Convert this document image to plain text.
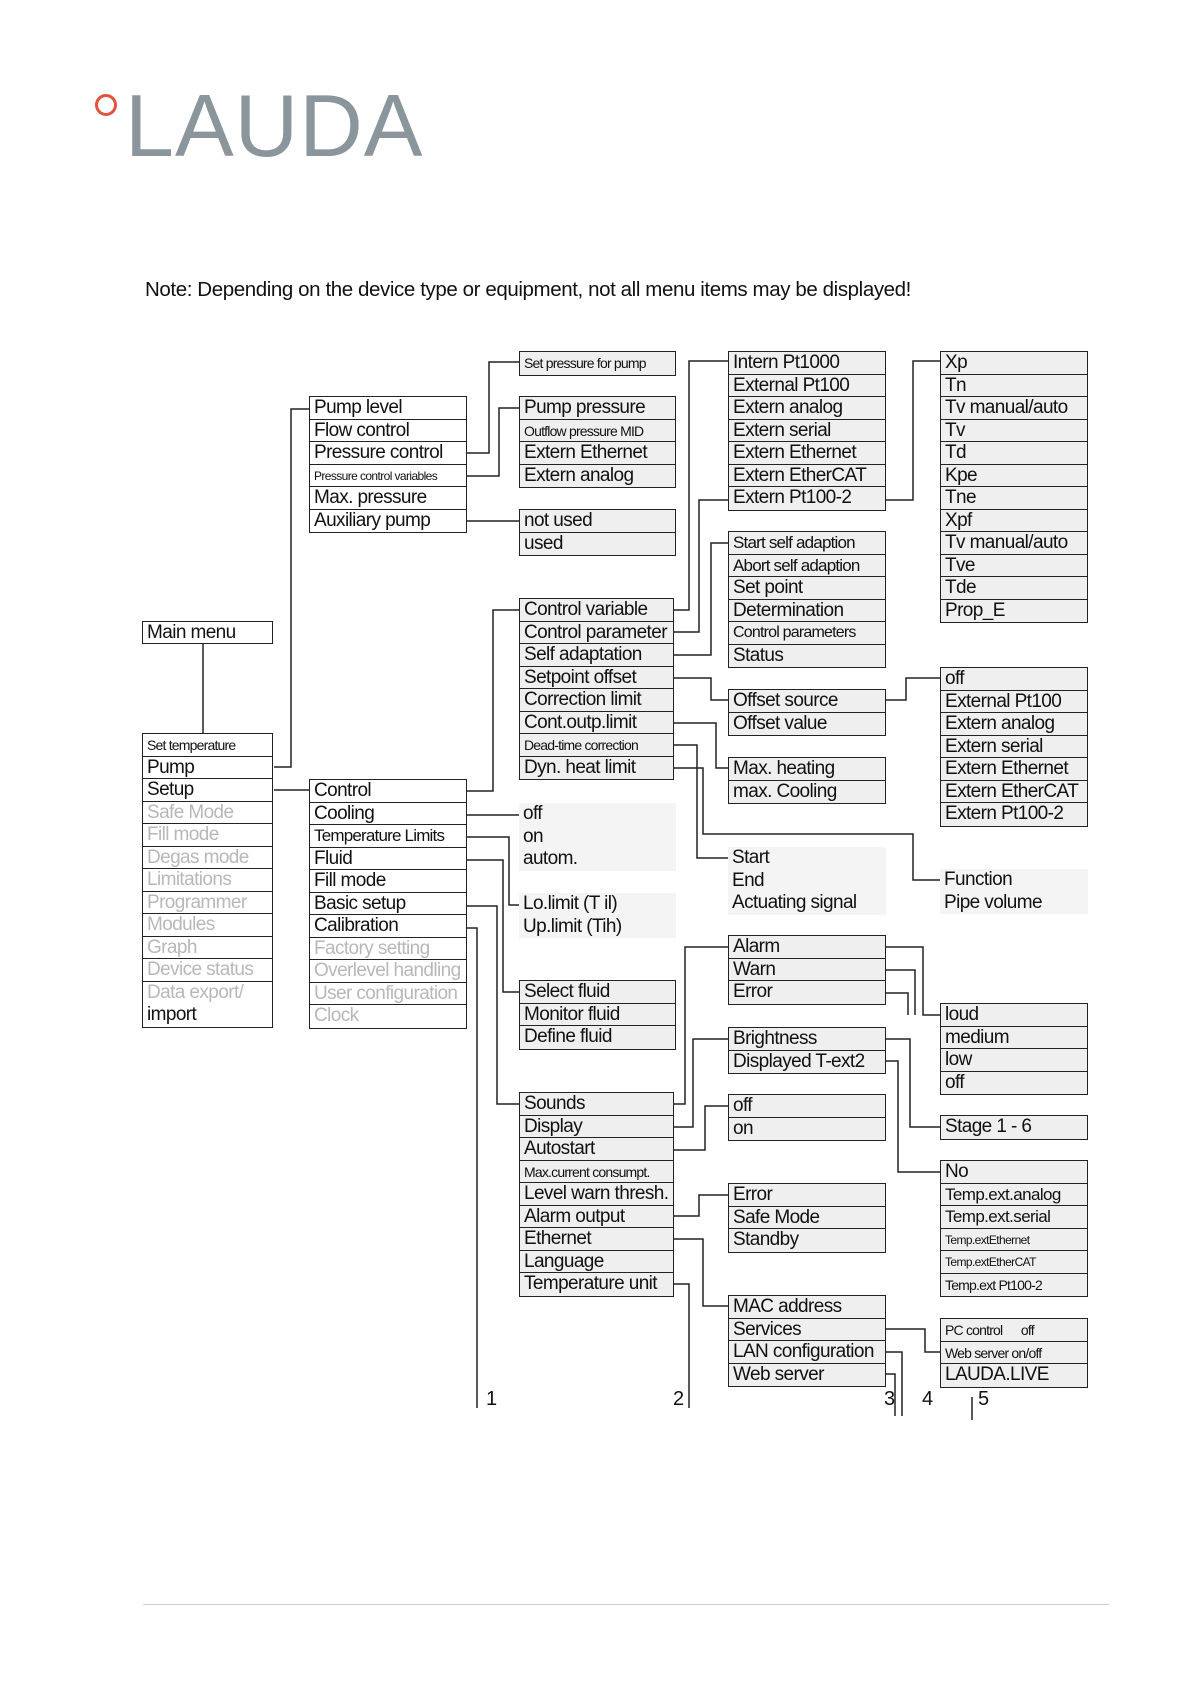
LAUDA
Note: Depending on the device type or equipment, not all menu items may be displayed!
Main menu
Set temperature
Pump
Setup
Safe Mode
Fill mode
Degas mode
Limitations
Programmer
Modules
Graph
Device status
Data export/
import
Pump level
Flow control
Pressure control
Pressure control variables
Max. pressure
Auxiliary pump
Set pressure for pump
Pump pressure
Outflow pressure MID
Extern Ethernet
Extern analog
not used
used
Control
Cooling
Temperature Limits
Fluid
Fill mode
Basic setup
Calibration
Factory setting
Overlevel handling
User configuration
Clock
Control variable
Control parameter
Self adaptation
Setpoint offset
Correction limit
Cont.outp.limit
Dead-time correction
Dyn. heat limit
Intern Pt1000
External Pt100
Extern analog
Extern serial
Extern Ethernet
Extern EtherCAT
Extern Pt100-2
Xp
Tn
Tv manual/auto
Tv
Td
Kpe
Tne
Xpf
Tv manual/auto
Tve
Tde
Prop_E
Start self adaption
Abort self adaption
Set point
Determination
Control parameters
Status
Offset source
Offset value
off
External Pt100
Extern analog
Extern serial
Extern Ethernet
Extern EtherCAT
Extern Pt100-2
Max. heating
max. Cooling
off
on
autom.	Start
End
Actuating signal
Function
Pipe volume
Lo.limit (T il)
Up.limit (Tih)
Alarm
Warn
Error
Select fluid
Monitor fluid
Define fluid
loud
medium
low
off
Brightness
Displayed T-ext2
Stage 1 - 6
Sounds
Display
Autostart
Max.current consumpt.
Level warn thresh.
Alarm output
Ethernet
Language
Temperature unit
off
on
No
Temp.ext.analog
Temp.ext.serial
Temp.extEthernet
Temp.extEtherCAT
Temp.ext Pt100-2
Error
Safe Mode
Standby
MAC address
Services
LAN configuration
Web server
PC control      off
Web server on/off
LAUDA.LIVE
1	2	3 4 5
